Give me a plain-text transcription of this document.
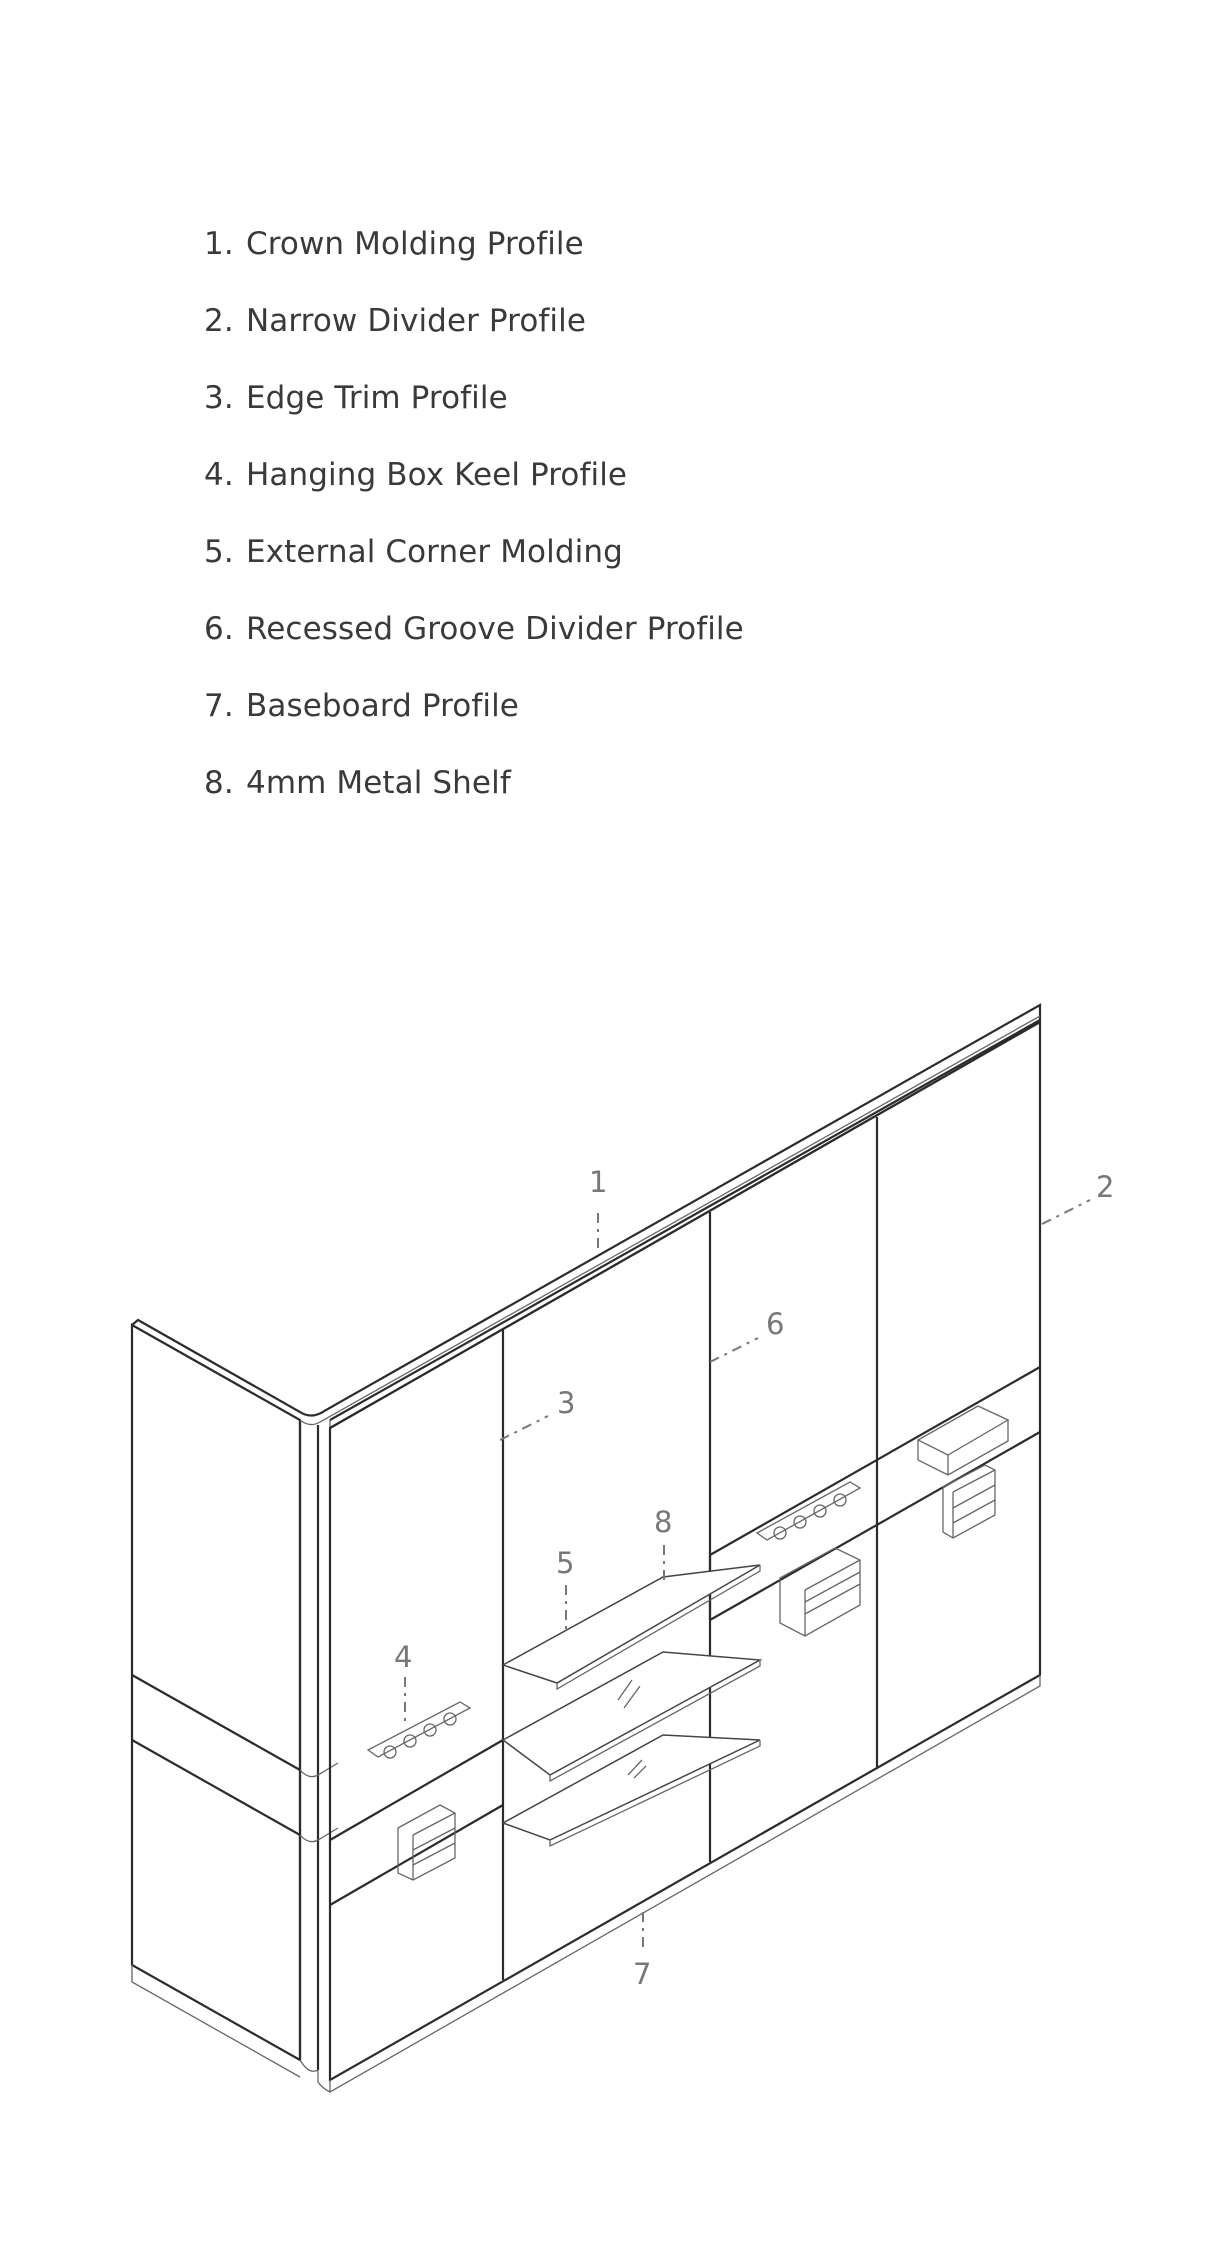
1. Crown Molding Profile
2. Narrow Divider Profile
3. Edge Trim Profile
4. Hanging Box Keel Profile
5. External Corner Molding
6. Recessed Groove Divider Profile
7. Baseboard Profile
8. 4mm Metal Shelf
1	2
3
4
5
6
7
8
